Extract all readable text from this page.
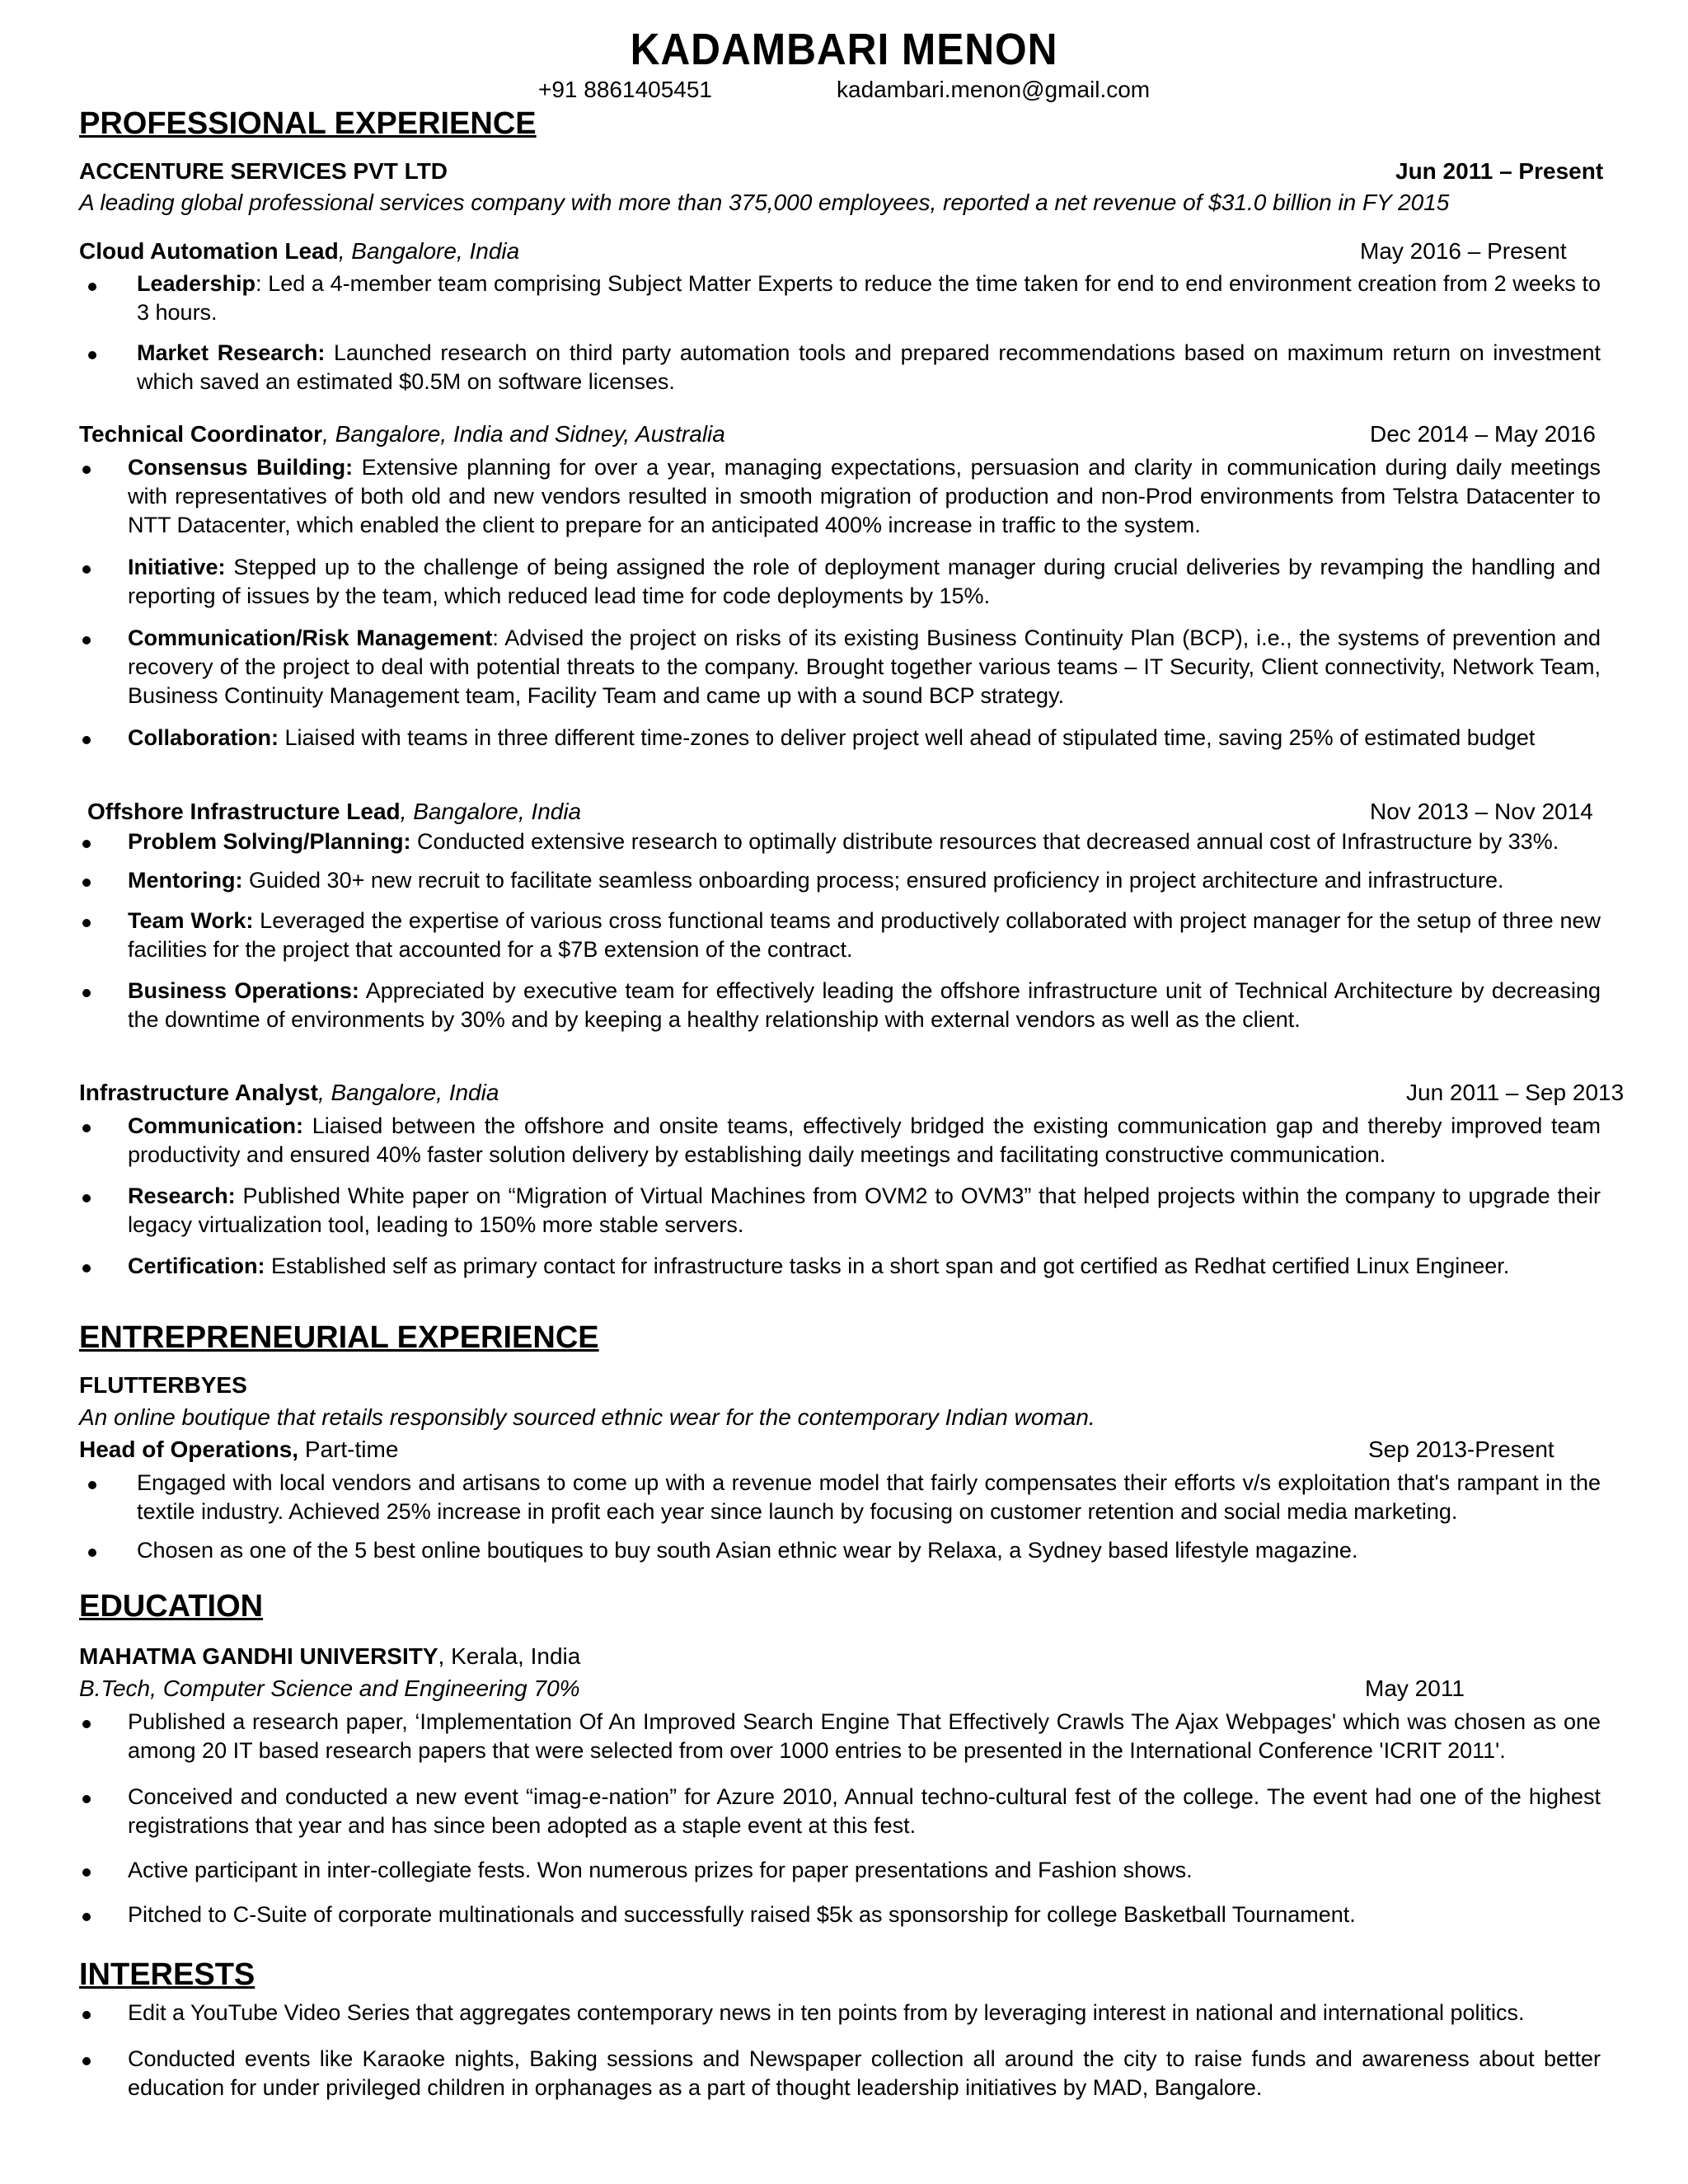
KADAMBARI MENON
+91 8861405451	kadambari.menon@gmail.com
PROFESSIONAL EXPERIENCE
ACCENTURE SERVICES PVT LTD	Jun 2011 – Present
A leading global professional services company with more than 375,000 employees, reported a net revenue of $31.0 billion in FY 2015
Cloud Automation Lead, Bangalore, India	May 2016 – Present
Leadership: Led a 4-member team comprising Subject Matter Experts to reduce the time taken for end to end environment creation from 2 weeks to 3 hours.
Market Research: Launched research on third party automation tools and prepared recommendations based on maximum return on investment which saved an estimated $0.5M on software licenses.
Technical Coordinator, Bangalore, India and Sidney, Australia	Dec 2014 – May 2016
Consensus Building: Extensive planning for over a year, managing expectations, persuasion and clarity in communication during daily meetings with representatives of both old and new vendors resulted in smooth migration of production and non-Prod environments from Telstra Datacenter to NTT Datacenter, which enabled the client to prepare for an anticipated 400% increase in traffic to the system.
Initiative: Stepped up to the challenge of being assigned the role of deployment manager during crucial deliveries by revamping the handling and reporting of issues by the team, which reduced lead time for code deployments by 15%.
Communication/Risk Management: Advised the project on risks of its existing Business Continuity Plan (BCP), i.e., the systems of prevention and recovery of the project to deal with potential threats to the company. Brought together various teams – IT Security, Client connectivity, Network Team, Business Continuity Management team, Facility Team and came up with a sound BCP strategy.
Collaboration: Liaised with teams in three different time-zones to deliver project well ahead of stipulated time, saving 25% of estimated budget
Offshore Infrastructure Lead, Bangalore, India	Nov 2013 – Nov 2014
Problem Solving/Planning: Conducted extensive research to optimally distribute resources that decreased annual cost of Infrastructure by 33%.
Mentoring: Guided 30+ new recruit to facilitate seamless onboarding process; ensured proficiency in project architecture and infrastructure.
Team Work: Leveraged the expertise of various cross functional teams and productively collaborated with project manager for the setup of three new facilities for the project that accounted for a $7B extension of the contract.
Business Operations: Appreciated by executive team for effectively leading the offshore infrastructure unit of Technical Architecture by decreasing the downtime of environments by 30% and by keeping a healthy relationship with external vendors as well as the client.
Infrastructure Analyst, Bangalore, India	Jun 2011 – Sep 2013
Communication: Liaised between the offshore and onsite teams, effectively bridged the existing communication gap and thereby improved team productivity and ensured 40% faster solution delivery by establishing daily meetings and facilitating constructive communication.
Research: Published White paper on “Migration of Virtual Machines from OVM2 to OVM3” that helped projects within the company to upgrade their legacy virtualization tool, leading to 150% more stable servers.
Certification: Established self as primary contact for infrastructure tasks in a short span and got certified as Redhat certified Linux Engineer.
ENTREPRENEURIAL EXPERIENCE
FLUTTERBYES
An online boutique that retails responsibly sourced ethnic wear for the contemporary Indian woman.
Head of Operations, Part-time	Sep 2013-Present
Engaged with local vendors and artisans to come up with a revenue model that fairly compensates their efforts v/s exploitation that's rampant in the textile industry. Achieved 25% increase in profit each year since launch by focusing on customer retention and social media marketing.
Chosen as one of the 5 best online boutiques to buy south Asian ethnic wear by Relaxa, a Sydney based lifestyle magazine.
EDUCATION
MAHATMA GANDHI UNIVERSITY, Kerala, India
B.Tech, Computer Science and Engineering 70%	May 2011
Published a research paper, ‘Implementation Of An Improved Search Engine That Effectively Crawls The Ajax Webpages' which was chosen as one among 20 IT based research papers that were selected from over 1000 entries to be presented in the International Conference 'ICRIT 2011'.
Conceived and conducted a new event “imag-e-nation” for Azure 2010, Annual techno-cultural fest of the college. The event had one of the highest registrations that year and has since been adopted as a staple event at this fest.
Active participant in inter-collegiate fests. Won numerous prizes for paper presentations and Fashion shows.
Pitched to C-Suite of corporate multinationals and successfully raised $5k as sponsorship for college Basketball Tournament.
INTERESTS
Edit a YouTube Video Series that aggregates contemporary news in ten points from by leveraging interest in national and international politics.
Conducted events like Karaoke nights, Baking sessions and Newspaper collection all around the city to raise funds and awareness about better education for under privileged children in orphanages as a part of thought leadership initiatives by MAD, Bangalore.
